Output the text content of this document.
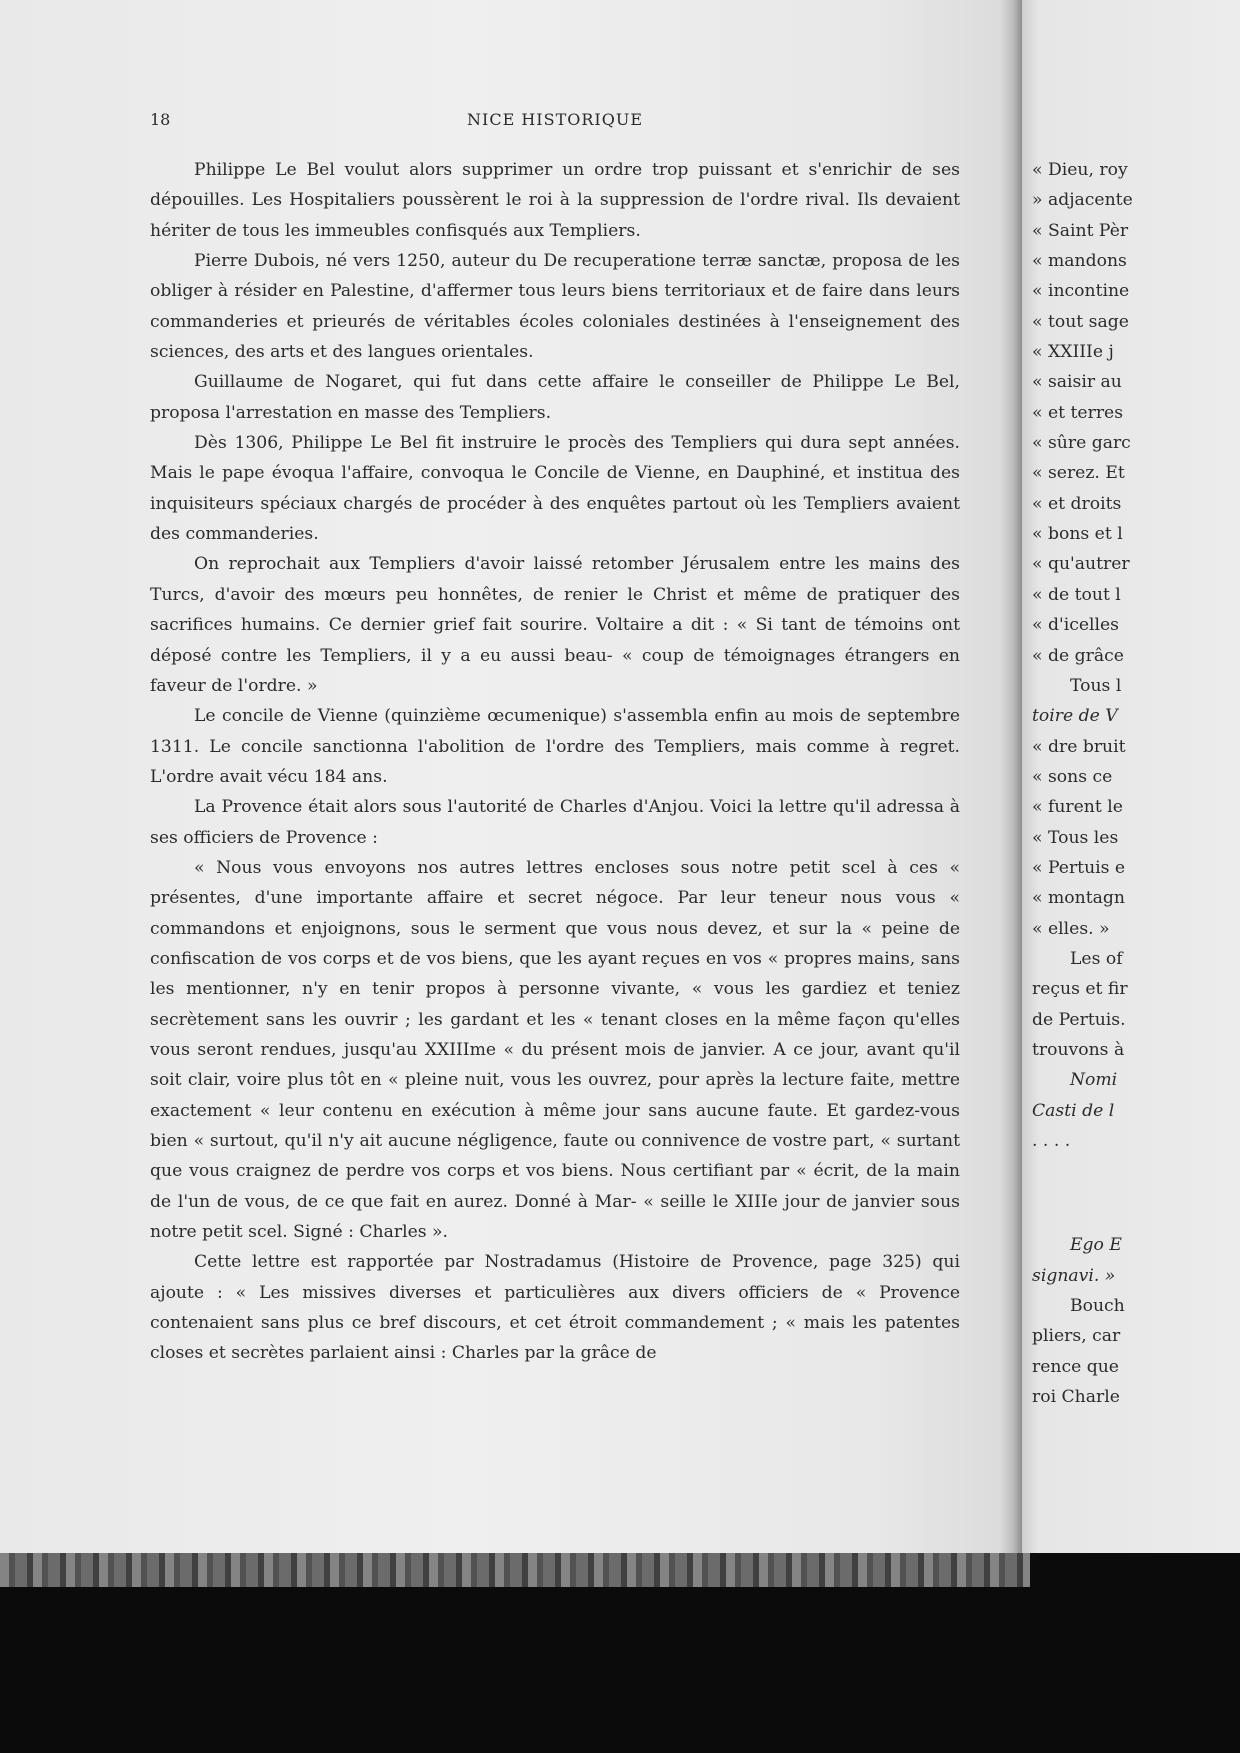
18	NICE HISTORIQUE

Philippe Le Bel voulut alors supprimer un ordre trop puissant et s'enrichir de ses dépouilles. Les Hospitaliers poussèrent le roi à la suppression de l'ordre rival. Ils devaient hériter de tous les immeubles confisqués aux Templiers.

Pierre Dubois, né vers 1250, auteur du De recuperatione terræ sanctæ, proposa de les obliger à résider en Palestine, d'affermer tous leurs biens territoriaux et de faire dans leurs commanderies et prieurés de véritables écoles coloniales destinées à l'enseignement des sciences, des arts et des langues orientales.

Guillaume de Nogaret, qui fut dans cette affaire le conseiller de Philippe Le Bel, proposa l'arrestation en masse des Templiers.

Dès 1306, Philippe Le Bel fit instruire le procès des Templiers qui dura sept années. Mais le pape évoqua l'affaire, convoqua le Concile de Vienne, en Dauphiné, et institua des inquisiteurs spéciaux chargés de procéder à des enquêtes partout où les Templiers avaient des commanderies.

On reprochait aux Templiers d'avoir laissé retomber Jérusalem entre les mains des Turcs, d'avoir des mœurs peu honnêtes, de renier le Christ et même de pratiquer des sacrifices humains. Ce dernier grief fait sourire. Voltaire a dit : « Si tant de témoins ont déposé contre les Templiers, il y a eu aussi beau- « coup de témoignages étrangers en faveur de l'ordre. »

Le concile de Vienne (quinzième œcumenique) s'assembla enfin au mois de septembre 1311. Le concile sanctionna l'abolition de l'ordre des Templiers, mais comme à regret. L'ordre avait vécu 184 ans.

La Provence était alors sous l'autorité de Charles d'Anjou. Voici la lettre qu'il adressa à ses officiers de Provence :

« Nous vous envoyons nos autres lettres encloses sous notre petit scel à ces « présentes, d'une importante affaire et secret négoce. Par leur teneur nous vous « commandons et enjoignons, sous le serment que vous nous devez, et sur la « peine de confiscation de vos corps et de vos biens, que les ayant reçues en vos « propres mains, sans les mentionner, n'y en tenir propos à personne vivante, « vous les gardiez et teniez secrètement sans les ouvrir ; les gardant et les « tenant closes en la même façon qu'elles vous seront rendues, jusqu'au XXIIIme « du présent mois de janvier. A ce jour, avant qu'il soit clair, voire plus tôt en « pleine nuit, vous les ouvrez, pour après la lecture faite, mettre exactement « leur contenu en exécution à même jour sans aucune faute. Et gardez-vous bien « surtout, qu'il n'y ait aucune négligence, faute ou connivence de vostre part, « surtant que vous craignez de perdre vos corps et vos biens. Nous certifiant par « écrit, de la main de l'un de vous, de ce que fait en aurez. Donné à Mar- « seille le XIIIe jour de janvier sous notre petit scel. Signé : Charles ».

Cette lettre est rapportée par Nostradamus (Histoire de Provence, page 325) qui ajoute : « Les missives diverses et particulières aux divers officiers de « Provence contenaient sans plus ce bref discours, et cet étroit commandement ; « mais les patentes closes et secrètes parlaient ainsi : Charles par la grâce de

« Dieu, roy
» adjacente
« Saint Pèr
« mandons
« incontine
« tout sage
« XXIIIe j
« saisir au
« et terres
« sûre garc
« serez. Et
« et droits
« bons et l
« qu'autrer
« de tout l
« d'icelles
« de grâce
Tous l
toire de V
« dre bruit
« sons ce
« furent le
« Tous les
« Pertuis e
« montagn
« elles. »
Les of
reçus et fir
de Pertuis.
trouvons à
Nomi
Casti de l
. . . .
Ego E
signavi. »
Bouch
pliers, car
rence que
roi Charle
